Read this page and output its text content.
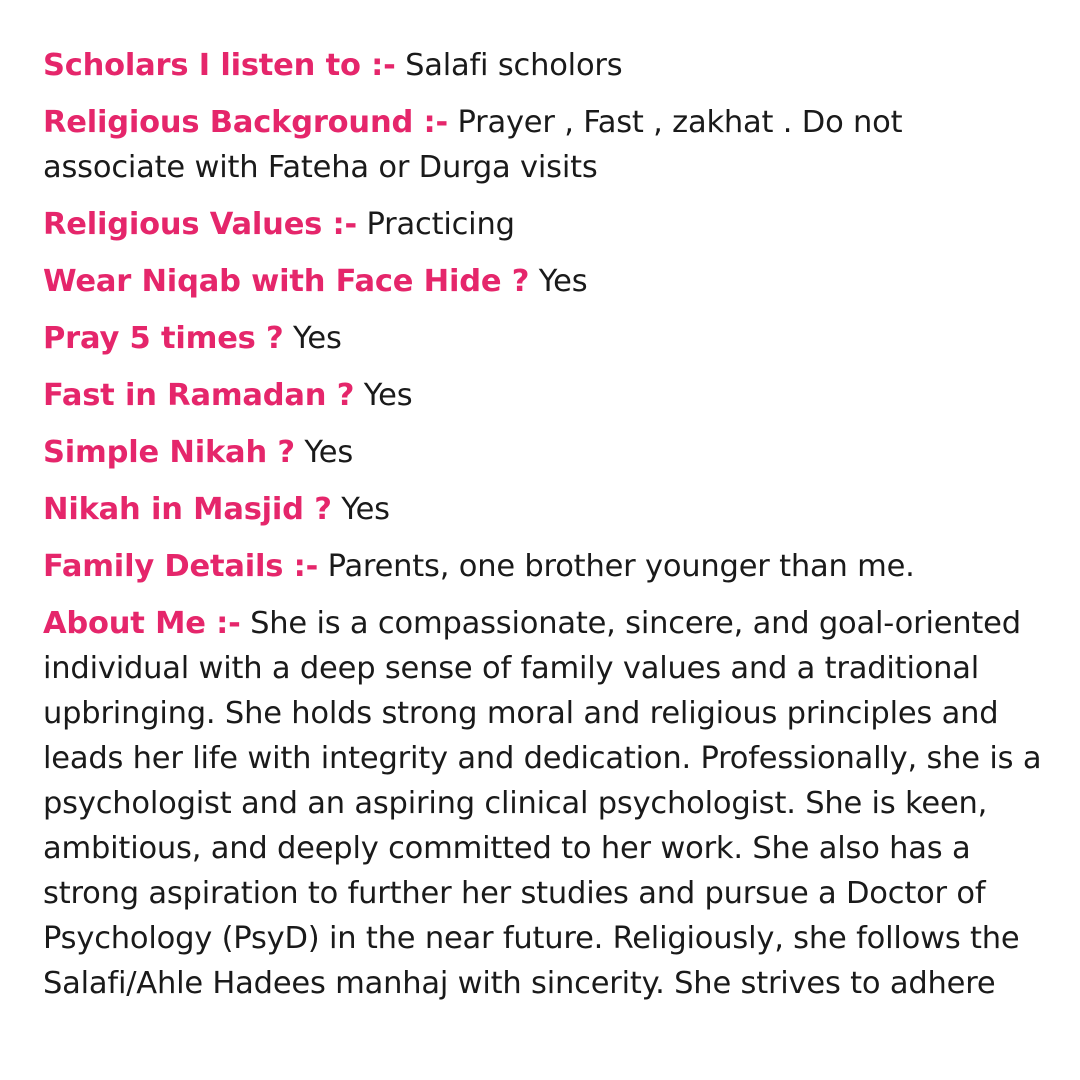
Scholars I listen to :- Salafi scholors

Religious Background :- Prayer , Fast , zakhat . Do not associate with Fateha or Durga visits

Religious Values :- Practicing

Wear Niqab with Face Hide ? Yes

Pray 5 times ? Yes

Fast in Ramadan ? Yes

Simple Nikah ? Yes

Nikah in Masjid ? Yes

Family Details :- Parents, one brother younger than me.

About Me :- She is a compassionate, sincere, and goal-oriented individual with a deep sense of family values and a traditional upbringing. She holds strong moral and religious principles and leads her life with integrity and dedication. Professionally, she is a psychologist and an aspiring clinical psychologist. She is keen, ambitious, and deeply committed to her work. She also has a strong aspiration to further her studies and pursue a Doctor of Psychology (PsyD) in the near future. Religiously, she follows the Salafi/Ahle Hadees manhaj with sincerity. She strives to adhere
